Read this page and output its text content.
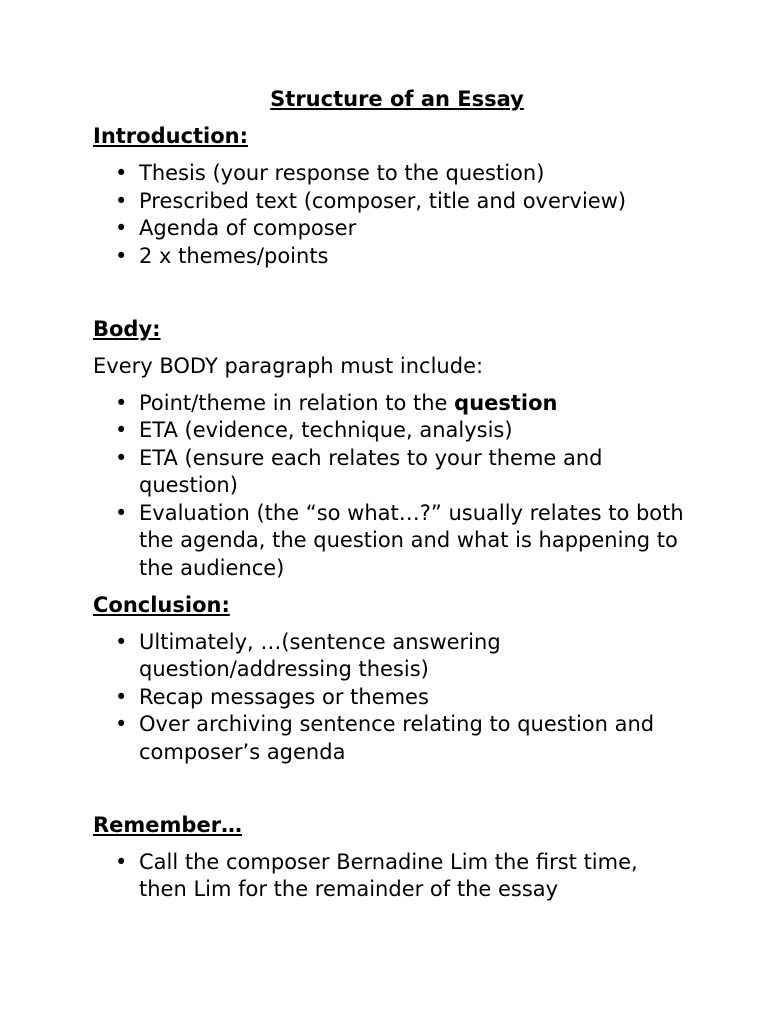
Structure of an Essay

Introduction:

• Thesis (your response to the question)
• Prescribed text (composer, title and overview)
• Agenda of composer
• 2 x themes/points

Body:

Every BODY paragraph must include:

• Point/theme in relation to the question
• ETA (evidence, technique, analysis)
• ETA (ensure each relates to your theme and question)
• Evaluation (the “so what…?” usually relates to both the agenda, the question and what is happening to the audience)

Conclusion:

• Ultimately, …(sentence answering question/addressing thesis)
• Recap messages or themes
• Over archiving sentence relating to question and composer’s agenda

Remember…

• Call the composer Bernadine Lim the first time, then Lim for the remainder of the essay
